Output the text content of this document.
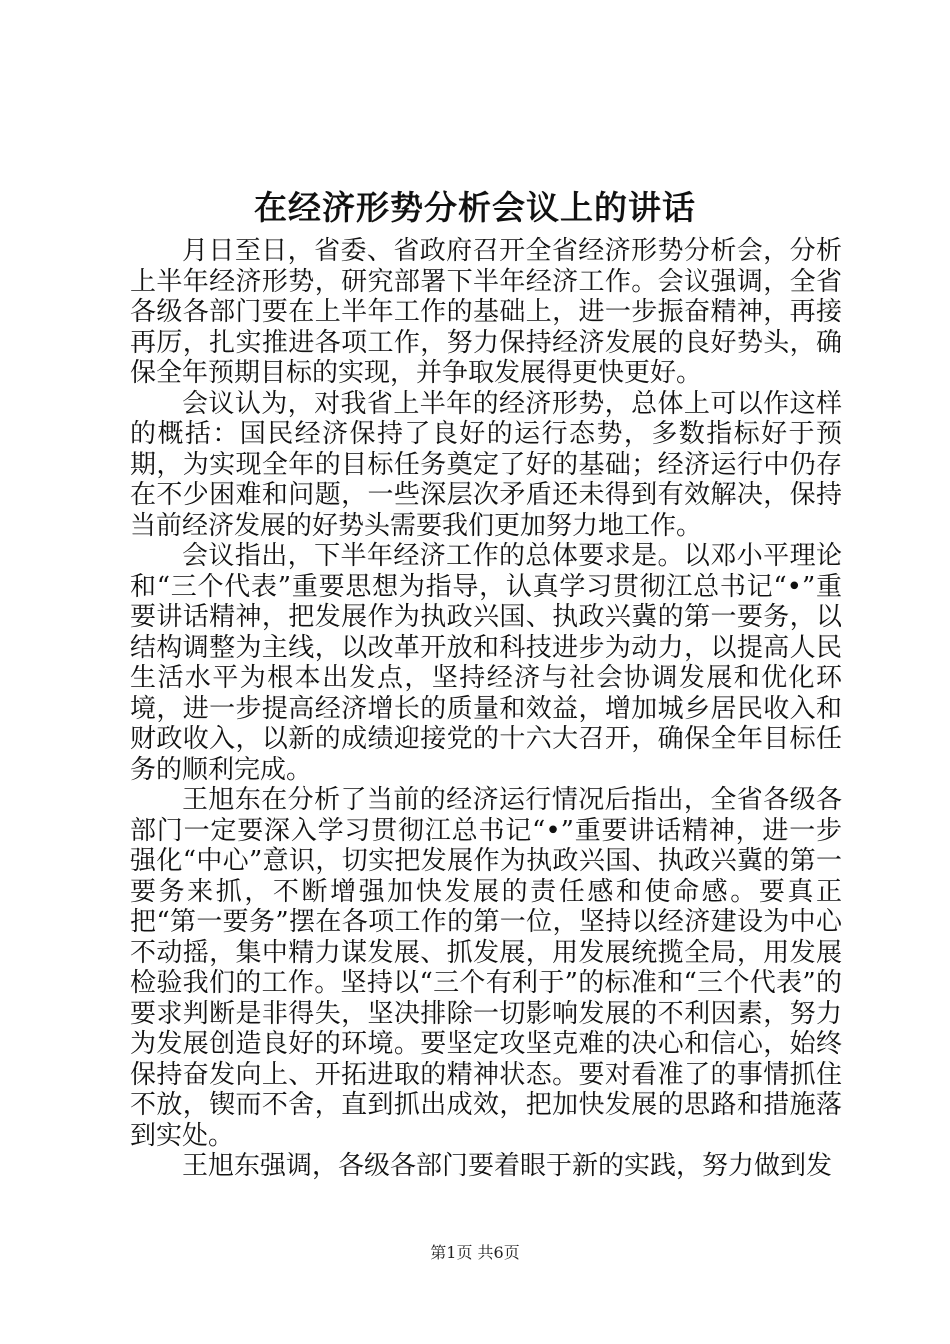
在经济形势分析会议上的讲话

月日至日，省委、省政府召开全省经济形势分析会，分析上半年经济形势，研究部署下半年经济工作。会议强调，全省各级各部门要在上半年工作的基础上，进一步振奋精神，再接再厉，扎实推进各项工作，努力保持经济发展的良好势头，确保全年预期目标的实现，并争取发展得更快更好。

会议认为，对我省上半年的经济形势，总体上可以作这样的概括：国民经济保持了良好的运行态势，多数指标好于预期，为实现全年的目标任务奠定了好的基础；经济运行中仍存在不少困难和问题，一些深层次矛盾还未得到有效解决，保持当前经济发展的好势头需要我们更加努力地工作。

会议指出，下半年经济工作的总体要求是。以邓小平理论和“三个代表”重要思想为指导，认真学习贯彻江总书记“•”重要讲话精神，把发展作为执政兴国、执政兴冀的第一要务，以结构调整为主线，以改革开放和科技进步为动力，以提高人民生活水平为根本出发点，坚持经济与社会协调发展和优化环境，进一步提高经济增长的质量和效益，增加城乡居民收入和财政收入，以新的成绩迎接党的十六大召开，确保全年目标任务的顺利完成。

王旭东在分析了当前的经济运行情况后指出，全省各级各部门一定要深入学习贯彻江总书记“•”重要讲话精神，进一步强化“中心”意识，切实把发展作为执政兴国、执政兴冀的第一要务来抓，不断增强加快发展的责任感和使命感。要真正把“第一要务”摆在各项工作的第一位，坚持以经济建设为中心不动摇，集中精力谋发展、抓发展，用发展统揽全局，用发展检验我们的工作。坚持以“三个有利于”的标准和“三个代表”的要求判断是非得失，坚决排除一切影响发展的不利因素，努力为发展创造良好的环境。要坚定攻坚克难的决心和信心，始终保持奋发向上、开拓进取的精神状态。要对看准了的事情抓住不放，锲而不舍，直到抓出成效，把加快发展的思路和措施落到实处。

王旭东强调，各级各部门要着眼于新的实践，努力做到发

第1页 共6页
